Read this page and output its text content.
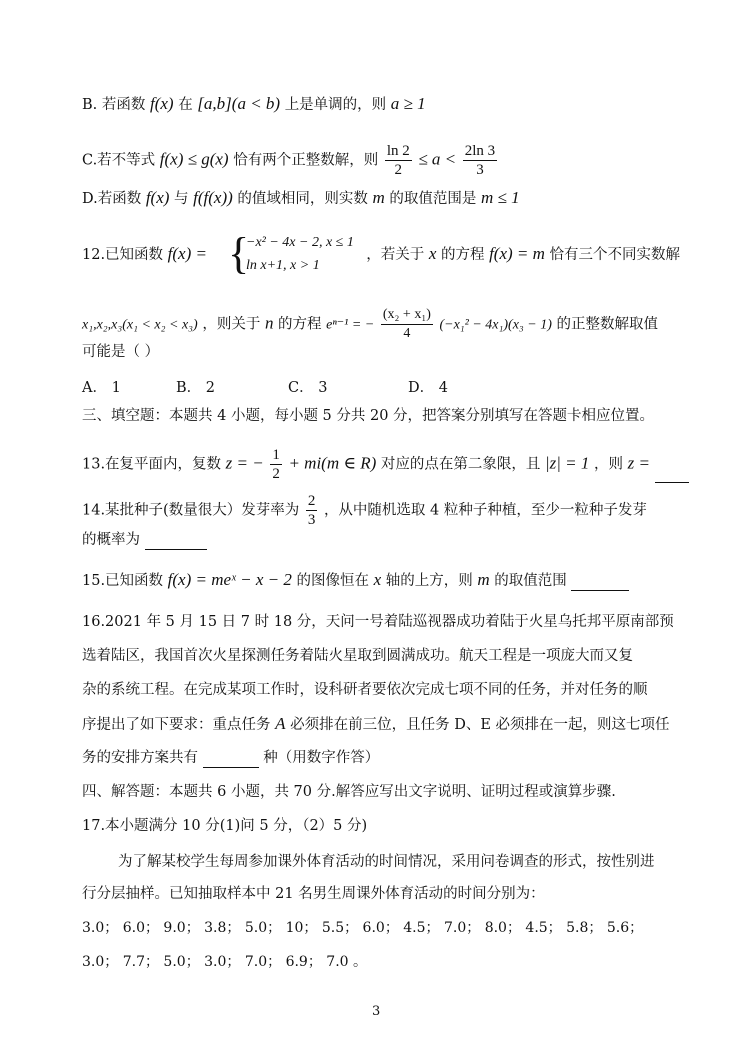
B. 若函数 f(x) 在 [a,b](a < b) 上是单调的，则 a ≥ 1
C.若不等式 f(x) ≤ g(x) 恰有两个正整数解，则 $\frac{\ln 2}{2} \le a < \frac{2\ln 3}{3}$
D.若函数 f(x) 与 f(f(x)) 的值域相同，则实数 m 的取值范围是 m ≤ 1
12.已知函数 f(x) =	，若关于 x 的方程 f(x) = m 恰有三个不同实数解
{
−x² − 4x − 2, x ≤ 1
ln x+1, x > 1
x₁,x₂,x₃(x₁ < x₂ < x₃) ，则关于 n 的方程 eⁿ⁻¹ = − $\frac{\text{(x₂ + x₁)}}{4} (-x_1^2 - 4x_1)(x_3 - 1)$ 的正整数解取值
可能是（ ）
A． 1	B． 2	C． 3	D． 4
三、填空题：本题共 4 小题，每小题 5 分共 20 分，把答案分别填写在答题卡相应位置。
13.在复平面内，复数 z = − $\frac{1}{2} + mi(m$ ∈ R) 对应的点在第二象限，且 |z| = 1 ，则 z =
14.某批种子(数量很大）发芽率为 $\frac{2}{3}$ ，从中随机选取 4 粒种子种植，至少一粒种子发芽
的概率为
15.已知函数 f(x) = meˣ − x − 2 的图像恒在 x 轴的上方，则 m 的取值范围
16.2021 年 5 月 15 日 7 时 18 分，天问一号着陆巡视器成功着陆于火星乌托邦平原南部预
选着陆区，我国首次火星探测任务着陆火星取到圆满成功。航天工程是一项庞大而又复
杂的系统工程。在完成某项工作时，设科研者要依次完成七项不同的任务，并对任务的顺
序提出了如下要求：重点任务 A 必须排在前三位，且任务 D、E 必须排在一起，则这七项任
务的安排方案共有	种（用数字作答）
四、解答题：本题共 6 小题，共 70 分.解答应写出文字说明、证明过程或演算步骤.
17.本小题满分 10 分(1)问 5 分，（2）5 分)
为了解某校学生每周参加课外体育活动的时间情况，采用问卷调查的形式，按性别进
行分层抽样。已知抽取样本中 21 名男生周课外体育活动的时间分别为：
3.0； 6.0； 9.0； 3.8； 5.0； 10； 5.5； 6.0； 4.5； 7.0； 8.0； 4.5； 5.8； 5.6；
3.0； 7.7； 5.0； 3.0； 7.0； 6.9； 7.0 。
3
